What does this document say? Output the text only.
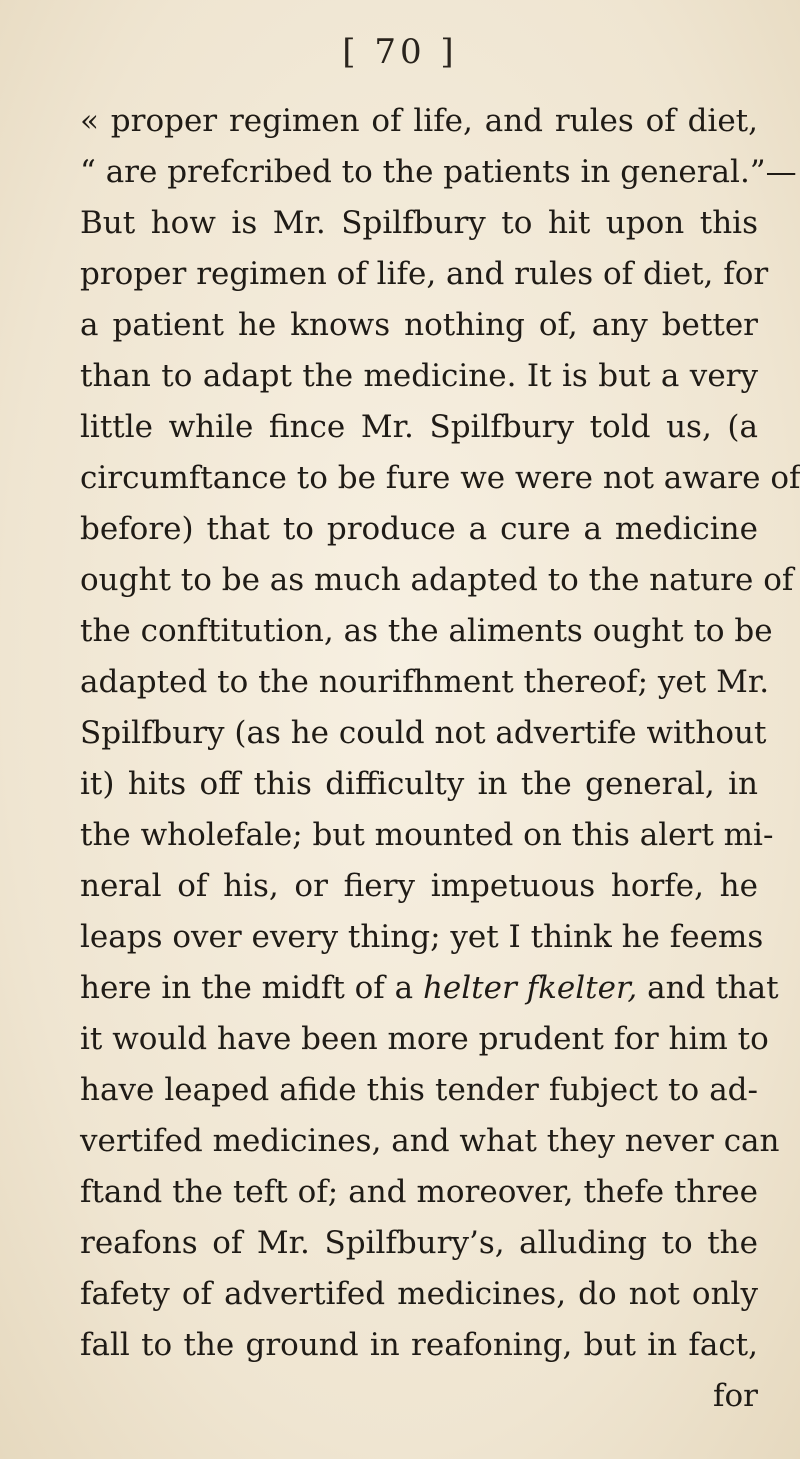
[ 70 ]
« proper regimen of life, and rules of diet,
“ are prefcribed to the patients in general.”—
But how is Mr. Spilfbury to hit upon this
proper regimen of life, and rules of diet, for
a patient he knows nothing of, any better
than to adapt the medicine. It is but a very
little while fince Mr. Spilfbury told us, (a
circumftance to be fure we were not aware of
before) that to produce a cure a medicine
ought to be as much adapted to the nature of
the conftitution, as the aliments ought to be
adapted to the nourifhment thereof; yet Mr.
Spilfbury (as he could not advertife without
it) hits off this difficulty in the general, in
the wholefale; but mounted on this alert mi-
neral of his, or fiery impetuous horfe, he
leaps over every thing; yet I think he feems
here in the midft of a helter fkelter, and that
it would have been more prudent for him to
have leaped afide this tender fubject to ad-
vertifed medicines, and what they never can
ftand the teft of; and moreover, thefe three
reafons of Mr. Spilfbury’s, alluding to the
fafety of advertifed medicines, do not only
fall to the ground in reafoning, but in fact,
for
